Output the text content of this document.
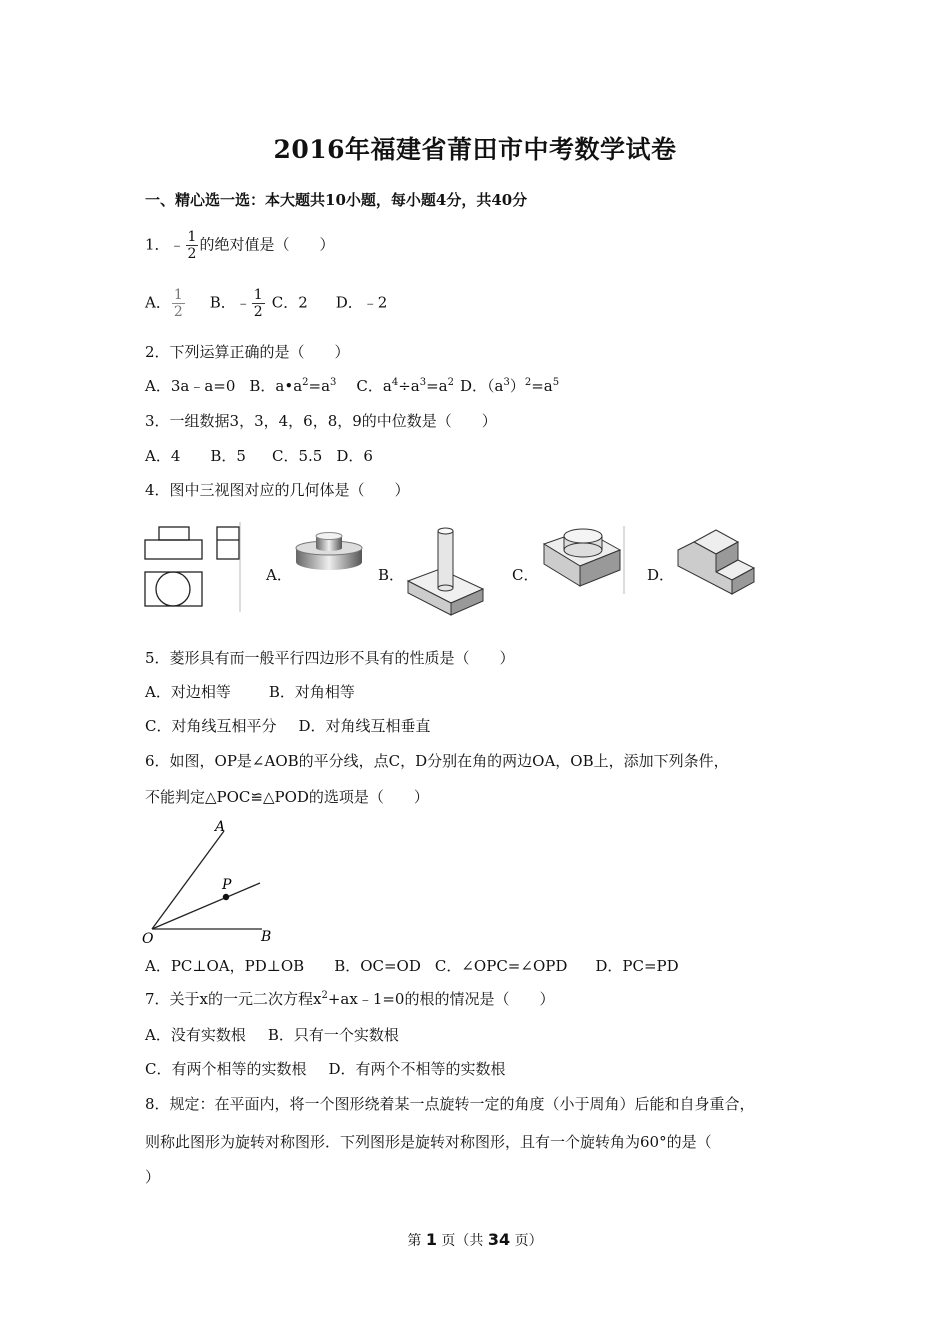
2016年福建省莆田市中考数学试卷
一、精心选一选：本大题共10小题，每小题4分，共40分
1．﹣ $\frac{1}{2}$ 的绝对值是（　　）
A． $\frac{1}{2}$ B．﹣ $\frac{1}{2}$ C．2 D．﹣2
2．下列运算正确的是（　　）
A．3a﹣a=0 B．$a•a^2=a^3$ C．$a^4\div a^3=a^2$ D．$(a^3)^2=a^5$
3．一组数据3，3，4，6，8，9的中位数是（　　）
A．4 B．5 C．5.5 D．6
4．图中三视图对应的几何体是（　　）
A．	B．	C．	D．
5．菱形具有而一般平行四边形不具有的性质是（　　）
A．对边相等	B．对角相等
C．对角线互相平分 D．对角线互相垂直
6．如图，OP是∠AOB的平分线，点C，D分别在角的两边OA，OB上，添加下列条件，
不能判定△POC≌△POD的选项是（　　）
A
P
O	B
A．PC⊥OA，PD⊥OB B．OC=OD C．∠OPC=∠OPD D．PC=PD
7．关于x的一元二次方程$x^2+ax﹣1=0$的根的情况是（　　）
A．没有实数根 B．只有一个实数根
C．有两个相等的实数根 D．有两个不相等的实数根
8．规定：在平面内，将一个图形绕着某一点旋转一定的角度（小于周角）后能和自身重合，
则称此图形为旋转对称图形．下列图形是旋转对称图形，且有一个旋转角为60°的是（
）
第 1 页（共 34 页）
